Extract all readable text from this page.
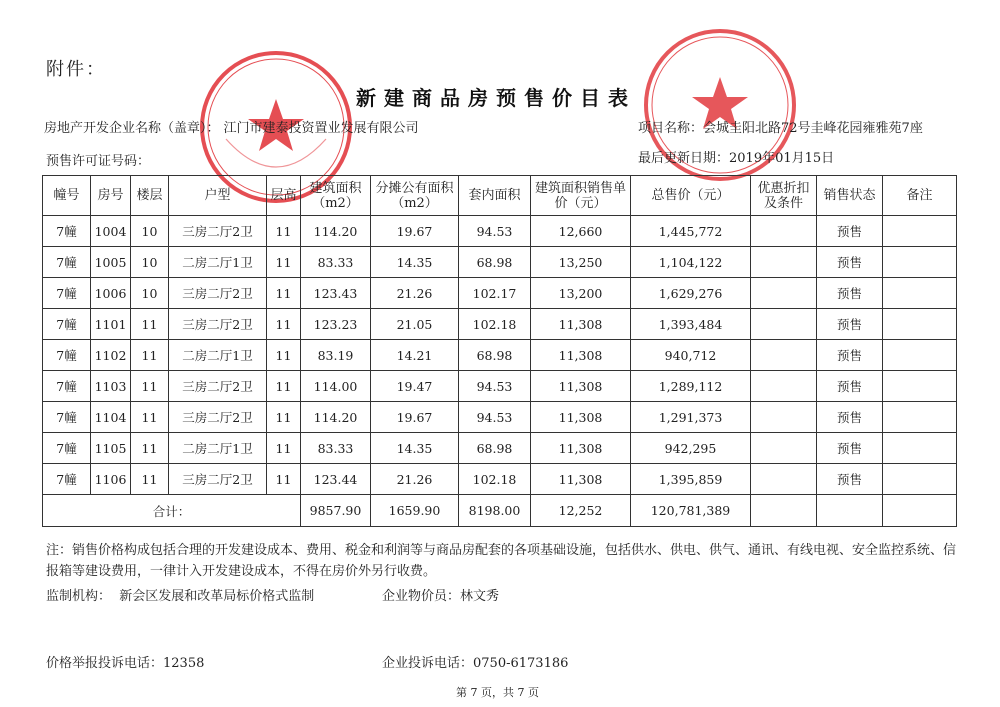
附件：
新建商品房预售价目表
房地产开发企业名称（盖章）： 江门市建泰投资置业发展有限公司	项目名称：会城圭阳北路72号圭峰花园雍雅苑7座
预售许可证号码：	最后更新日期：2019年01月15日
幢号	房号	楼层	户型	层高	建筑面积（m2）	分摊公有面积（m2）	套内面积	建筑面积销售单价（元）	总售价（元）	优惠折扣及条件	销售状态	备注
7幢	1004	10	三房二厅2卫	11	114.20	19.67	94.53	12,660	1,445,772		预售	
7幢	1005	10	二房二厅1卫	11	83.33	14.35	68.98	13,250	1,104,122		预售	
7幢	1006	10	三房二厅2卫	11	123.43	21.26	102.17	13,200	1,629,276		预售	
7幢	1101	11	三房二厅2卫	11	123.23	21.05	102.18	11,308	1,393,484		预售	
7幢	1102	11	二房二厅1卫	11	83.19	14.21	68.98	11,308	940,712		预售	
7幢	1103	11	三房二厅2卫	11	114.00	19.47	94.53	11,308	1,289,112		预售	
7幢	1104	11	三房二厅2卫	11	114.20	19.67	94.53	11,308	1,291,373		预售	
7幢	1105	11	二房二厅1卫	11	83.33	14.35	68.98	11,308	942,295		预售	
7幢	1106	11	三房二厅2卫	11	123.44	21.26	102.18	11,308	1,395,859		预售	
合计：					9857.90	1659.90	8198.00	12,252	120,781,389			
注：销售价格构成包括合理的开发建设成本、费用、税金和利润等与商品房配套的各项基础设施，包括供水、供电、供气、通讯、有线电视、安全监控系统、信报箱等建设费用，一律计入开发建设成本，不得在房价外另行收费。
监制机构： 新会区发展和改革局标价格式监制	企业物价员：林文秀
价格举报投诉电话：12358	企业投诉电话：0750-6173186
第 7 页，共 7 页
